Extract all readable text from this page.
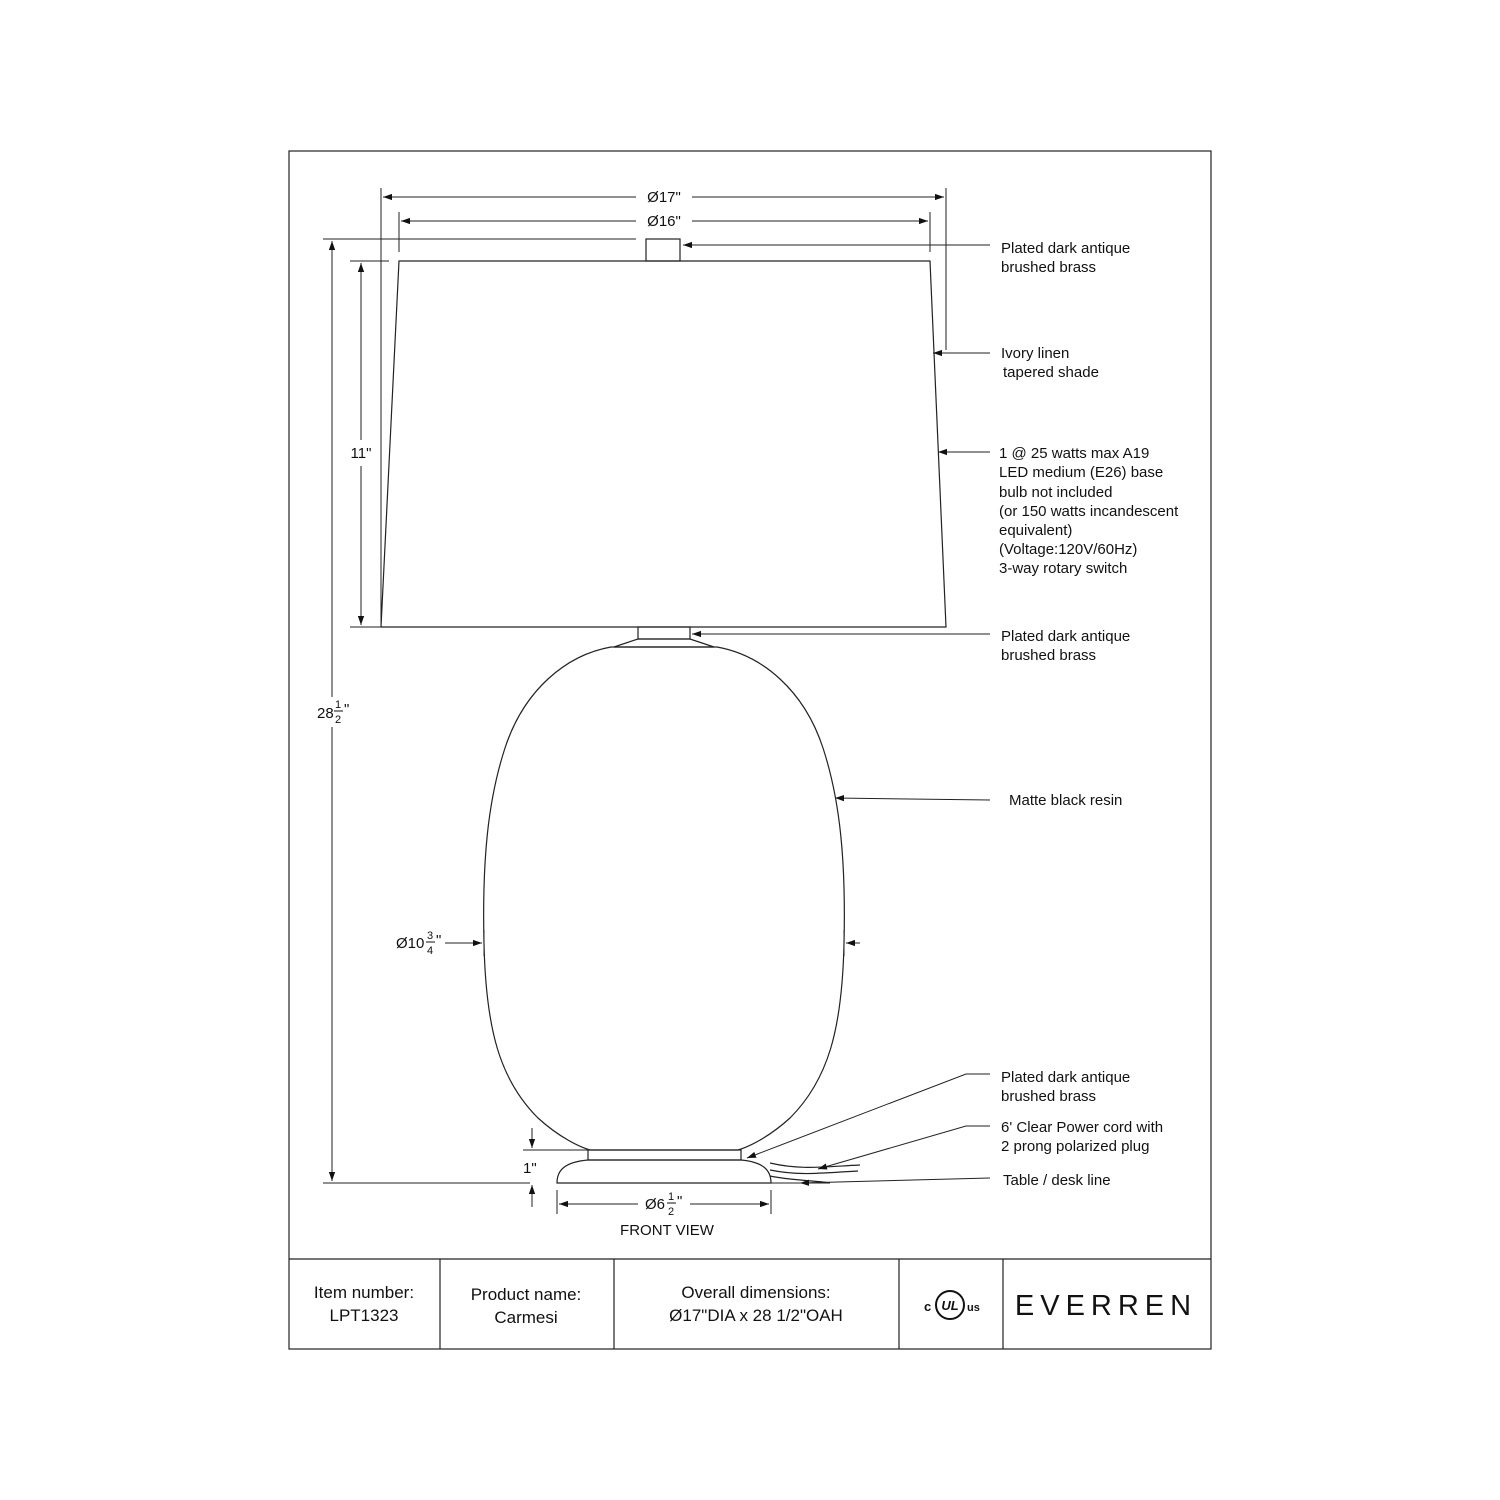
Ø17"
Ø16"
11"
28 1
2
"
Ø10 3
4
"
1"
Ø6 1
2
"
FRONT VIEW
Plated dark antique
brushed brass
Ivory linen
tapered shade
1 @ 25 watts max A19
LED medium (E26) base
bulb not included
(or 150 watts incandescent
equivalent)
(Voltage:120V/60Hz)
3-way rotary switch
Plated dark antique
brushed brass
Matte black resin
Plated dark antique
brushed brass
6' Clear Power cord with
2 prong polarized plug
Table / desk line
Item number:
LPT1323
Product name:
Carmesi
Overall dimensions:
Ø17"DIA x 28 1/2"OAH	c UL us EVERREN
